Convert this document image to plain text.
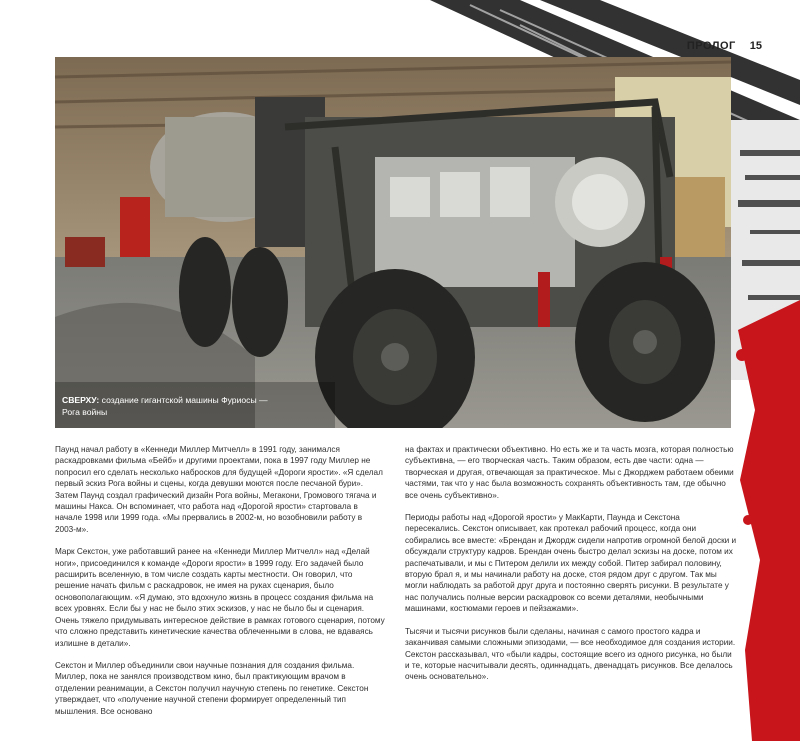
ПРОЛОГ 15
СВЕРХУ: создание гигантской машины Фуриосы — Рога войны

Паунд начал работу в «Кеннеди Миллер Митчелл» в 1991 году, занимался раскадровками фильма «Бейб» и другими проектами, пока в 1997 году Миллер не попросил его сделать несколько набросков для будущей «Дороги ярости». «Я сделал первый эскиз Рога войны и сцены, когда девушки моются после песчаной бури». Затем Паунд создал графический дизайн Рога войны, Мегакони, Громового тягача и машины Накса. Он вспоминает, что работа над «Дорогой ярости» стартовала в начале 1998 или 1999 года. «Мы прервались в 2002-м, но возобновили работу в 2003-м».

Марк Секстон, уже работавший ранее на «Кеннеди Миллер Митчелл» над «Делай ноги», присоединился к команде «Дороги ярости» в 1999 году. Его задачей было расширить вселенную, в том числе создать карты местности. Он говорил, что решение начать фильм с раскадровок, не имея на руках сценария, было основополагающим. «Я думаю, это вдохнуло жизнь в процесс создания фильма на всех уровнях. Если бы у нас не было этих эскизов, у нас не было бы и сценария. Очень тяжело придумывать интересное действие в рамках готового сценария, потому что сложно представить кинетические качества облеченными в слова, не вдаваясь излишне в детали».

Секстон и Миллер объединили свои научные познания для создания фильма. Миллер, пока не занялся производством кино, был практикующим врачом в отделении реанимации, а Секстон получил научную степень по генетике. Секстон утверждает, что «получение научной степени формирует определенный тип мышления. Все основано

на фактах и практически объективно. Но есть же и та часть мозга, которая полностью субъективна, — его творческая часть. Таким образом, есть две части: одна — творческая и другая, отвечающая за практическое. Мы с Джорджем работаем обеими частями, так что у нас была возможность сохранять объективность там, где обычно все очень субъективно».

Периоды работы над «Дорогой ярости» у МакКарти, Паунда и Секстона пересекались. Секстон описывает, как протекал рабочий процесс, когда они собирались все вместе: «Брендан и Джордж сидели напротив огромной белой доски и обсуждали структуру кадров. Брендан очень быстро делал эскизы на доске, потом их распечатывали, и мы с Питером делили их между собой. Питер забирал половину, вторую брал я, и мы начинали работу на доске, стоя рядом друг с другом. Так мы могли наблюдать за работой друг друга и постоянно сверять рисунки. В результате у нас получались полные версии раскадровок со всеми деталями, необычными машинами, костюмами героев и пейзажами».

Тысячи и тысячи рисунков были сделаны, начиная с самого простого кадра и заканчивая самыми сложными эпизодами, — все необходимое для создания истории. Секстон рассказывал, что «были кадры, состоящие всего из одного рисунка, но были и те, которые насчитывали десять, одиннадцать, двенадцать рисунков. Все делалось очень основательно».
